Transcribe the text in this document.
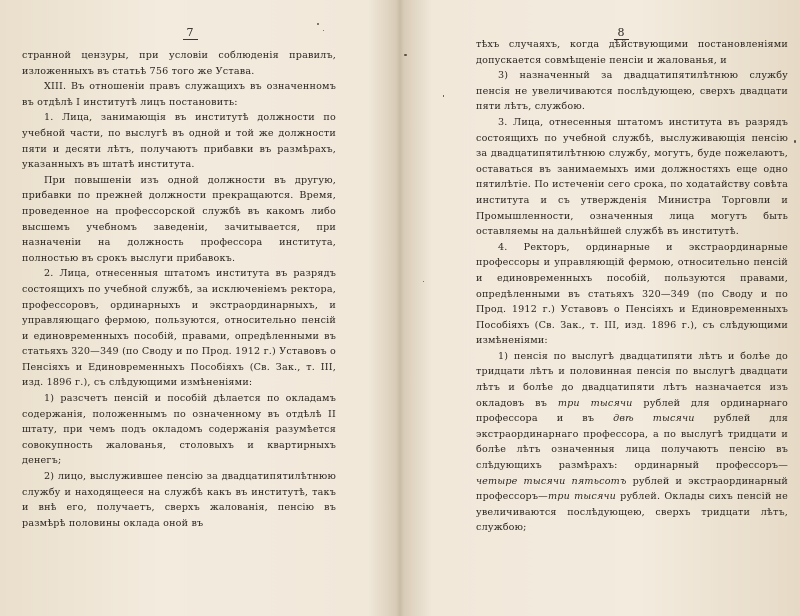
7

странной цензуры, при условіи соблюденія правилъ, изложенныхъ въ статьѣ 756 того же Устава.

XIII. Въ отношеніи правъ служащихъ въ означенномъ въ отдѣлѣ I институтѣ лицъ постановить:

1. Лица, занимающія въ институтѣ должности по учебной части, по выслугѣ въ одной и той же должности пяти и десяти лѣтъ, получаютъ прибавки въ размѣрахъ, указанныхъ въ штатѣ института.

При повышеніи изъ одной должности въ другую, прибавки по прежней должности прекращаются. Время, проведенное на профессорской службѣ въ какомъ либо высшемъ учебномъ заведеніи, зачитывается, при назначеніи на должность профессора института, полностью въ срокъ выслуги прибавокъ.

2. Лица, отнесенныя штатомъ института въ разрядъ состоящихъ по учебной службѣ, за исключеніемъ ректора, профессоровъ, ординарныхъ и экстраординарныхъ, и управляющаго фермою, пользуются, относительно пенсій и единовременныхъ пособій, правами, опредѣленными въ статьяхъ 320—349 (по Своду и по Прод. 1912 г.) Уставовъ о Пенсіяхъ и Единовременныхъ Пособіяхъ (Св. Зак., т. III, изд. 1896 г.), съ слѣдующими измѣненіями:

1) разсчетъ пенсій и пособій дѣлается по окладамъ содержанія, положеннымъ по означенному въ отдѣлѣ II штату, при чемъ подъ окладомъ содержанія разумѣется совокупность жалованья, столовыхъ и квартирныхъ денегъ;

2) лицо, выслужившее пенсію за двадцатипятилѣтнюю службу и находящееся на службѣ какъ въ институтѣ, такъ и внѣ его, получаетъ, сверхъ жалованія, пенсію въ размѣрѣ половины оклада оной въ

8

тѣхъ случаяхъ, когда дѣйствующими постановленіями допускается совмѣщеніе пенсіи и жалованья, и

3) назначенный за двадцатипятилѣтнюю службу пенсія не увеличиваются послѣдующею, сверхъ двадцати пяти лѣтъ, службою.

3. Лица, отнесенныя штатомъ института въ разрядъ состоящихъ по учебной службѣ, выслуживающія пенсію за двадцатипятилѣтнюю службу, могутъ, буде пожелаютъ, оставаться въ занимаемыхъ ими должностяхъ еще одно пятилѣтіе. По истеченіи сего срока, по ходатайству совѣта института и съ утвержденія Министра Торговли и Промышленности, означенныя лица могутъ быть оставляемы на дальнѣйшей службѣ въ институтѣ.

4. Ректоръ, ординарные и экстраординарные профессоры и управляющій фермою, относительно пенсій и единовременныхъ пособій, пользуются правами, опредѣленными въ статьяхъ 320—349 (по Своду и по Прод. 1912 г.) Уставовъ о Пенсіяхъ и Единовременныхъ Пособіяхъ (Св. Зак., т. III, изд. 1896 г.), съ слѣдующими измѣненіями:

1) пенсія по выслугѣ двадцатипяти лѣтъ и болѣе до тридцати лѣтъ и половинная пенсія по выслугѣ двадцати лѣтъ и болѣе до двадцатипяти лѣтъ назначается изъ окладовъ въ три тысячи рублей для ординарнаго профессора и въ двѣ тысячи рублей для экстраординарнаго профессора, а по выслугѣ тридцати и болѣе лѣтъ означенныя лица получаютъ пенсію въ слѣдующихъ размѣрахъ: ординарный профессоръ—четыре тысячи пятьсотъ рублей и экстраординарный профессоръ—три тысячи рублей. Оклады сихъ пенсій не увеличиваются послѣдующею, сверхъ тридцати лѣтъ, службою;
